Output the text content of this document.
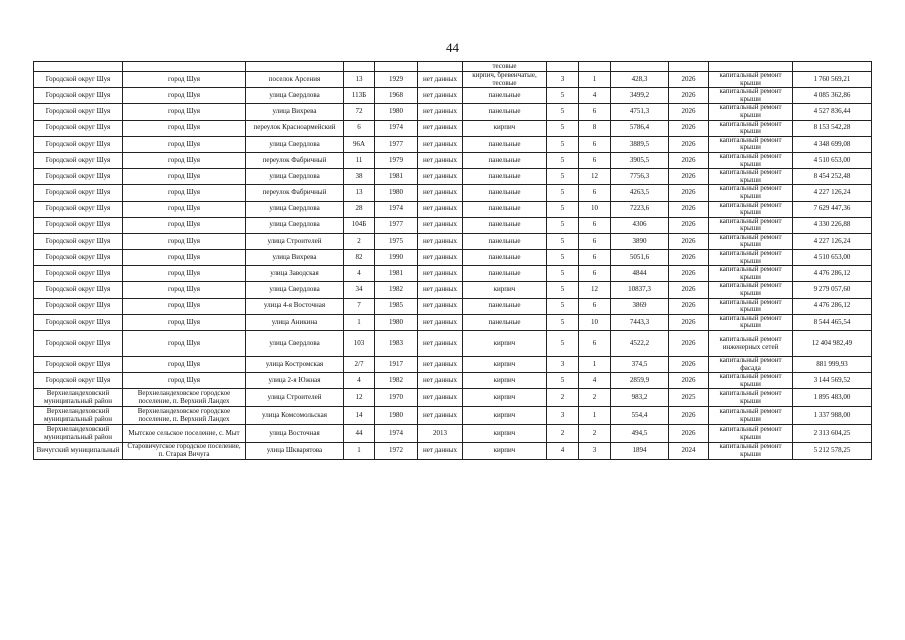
44
						тесовые						
Городской округ Шуя	город Шуя	поселок Арсения	13	1929	нет данных	кирпич, бревенчатые, тесовые	3	1	428,3	2026	капитальный ремонт крыши	1 760 569,21
Городской округ Шуя	город Шуя	улица Свердлова	113Б	1968	нет данных	панельные	5	4	3499,2	2026	капитальный ремонт крыши	4 085 362,86
Городской округ Шуя	город Шуя	улица Вихрева	72	1980	нет данных	панельные	5	6	4751,3	2026	капитальный ремонт крыши	4 527 836,44
Городской округ Шуя	город Шуя	переулок Красноармейский	6	1974	нет данных	кирпич	5	8	5786,4	2026	капитальный ремонт крыши	8 153 542,28
Городской округ Шуя	город Шуя	улица Свердлова	96А	1977	нет данных	панельные	5	6	3889,5	2026	капитальный ремонт крыши	4 348 699,08
Городской округ Шуя	город Шуя	переулок Фабричный	11	1979	нет данных	панельные	5	6	3905,5	2026	капитальный ремонт крыши	4 510 653,00
Городской округ Шуя	город Шуя	улица Свердлова	38	1981	нет данных	панельные	5	12	7756,3	2026	капитальный ремонт крыши	8 454 252,48
Городской округ Шуя	город Шуя	переулок Фабричный	13	1980	нет данных	панельные	5	6	4263,5	2026	капитальный ремонт крыши	4 227 126,24
Городской округ Шуя	город Шуя	улица Свердлова	28	1974	нет данных	панельные	5	10	7223,6	2026	капитальный ремонт крыши	7 629 447,36
Городской округ Шуя	город Шуя	улица Свердлова	104Б	1977	нет данных	панельные	5	6	4306	2026	капитальный ремонт крыши	4 330 226,88
Городской округ Шуя	город Шуя	улица Строителей	2	1975	нет данных	панельные	5	6	3890	2026	капитальный ремонт крыши	4 227 126,24
Городской округ Шуя	город Шуя	улица Вихрева	82	1990	нет данных	панельные	5	6	5051,6	2026	капитальный ремонт крыши	4 510 653,00
Городской округ Шуя	город Шуя	улица Заводская	4	1981	нет данных	панельные	5	6	4844	2026	капитальный ремонт крыши	4 476 286,12
Городской округ Шуя	город Шуя	улица Свердлова	34	1982	нет данных	кирпич	5	12	10837,3	2026	капитальный ремонт крыши	9 279 057,60
Городской округ Шуя	город Шуя	улица 4-я Восточная	7	1985	нет данных	панельные	5	6	3869	2026	капитальный ремонт крыши	4 476 286,12
Городской округ Шуя	город Шуя	улица Аникина	1	1980	нет данных	панельные	5	10	7443,3	2026	капитальный ремонт крыши	8 544 465,54
Городской округ Шуя	город Шуя	улица Свердлова	103	1983	нет данных	кирпич	5	6	4522,2	2026	капитальный ремонт инженерных сетей	12 404 982,49
Городской округ Шуя	город Шуя	улица Костромская	2/7	1917	нет данных	кирпич	3	1	374,5	2026	капитальный ремонт фасада	881 999,93
Городской округ Шуя	город Шуя	улица 2-я Южная	4	1982	нет данных	кирпич	5	4	2859,9	2026	капитальный ремонт крыши	3 144 569,52
Верхнеландеховский муниципальный район	Верхнеландеховское городское поселение, п. Верхний Ландех	улица Строителей	12	1970	нет данных	кирпич	2	2	983,2	2025	капитальный ремонт крыши	1 895 483,00
Верхнеландеховский муниципальный район	Верхнеландеховское городское поселение, п. Верхний Ландех	улица Комсомольская	14	1980	нет данных	кирпич	3	1	554,4	2026	капитальный ремонт крыши	1 337 988,00
Верхнеландеховский муниципальный район	Мытское сельское поселение, с. Мыт	улица Восточная	44	1974	2013	кирпич	2	2	494,5	2026	капитальный ремонт крыши	2 313 604,25
Вичугский муниципальный	Старовичугское городское поселение, п. Старая Вичуга	улица Шкварятова	1	1972	нет данных	кирпич	4	3	1894	2024	капитальный ремонт крыши	5 212 578,25
